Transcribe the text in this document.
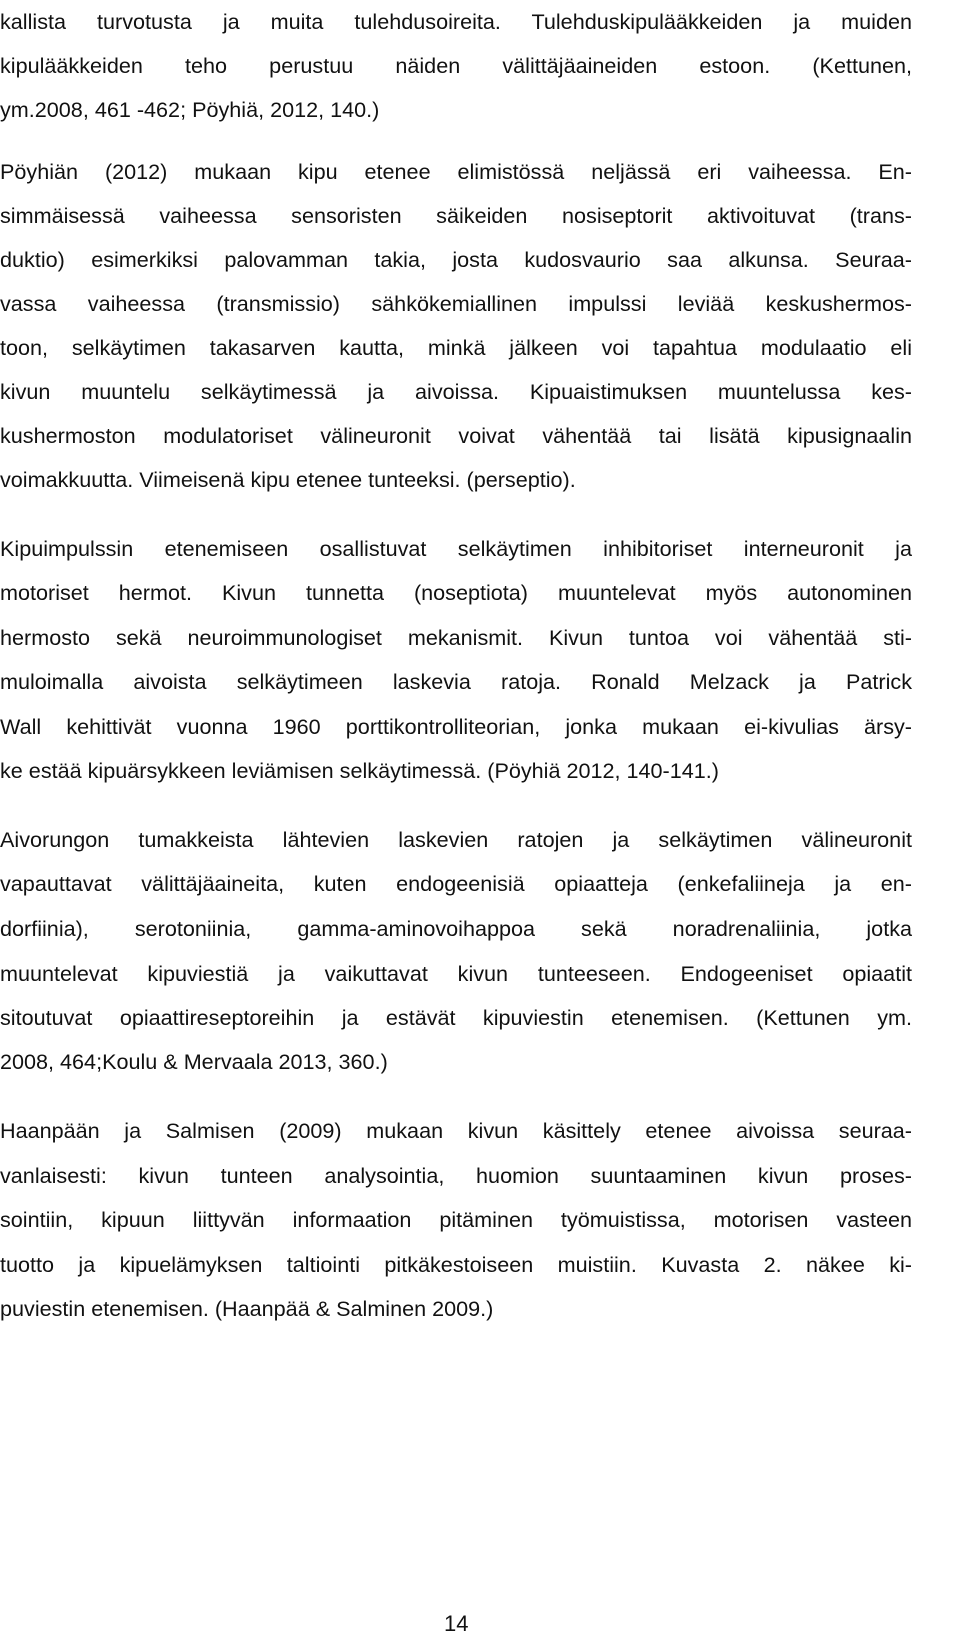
kallista turvotusta ja muita tulehdusoireita. Tulehduskipulääkkeiden ja muiden
kipulääkkeiden teho perustuu näiden välittäjäaineiden estoon. (Kettunen,
ym.2008, 461 -462; Pöyhiä, 2012, 140.)
Pöyhiän (2012) mukaan kipu etenee elimistössä neljässä eri vaiheessa. En-
simmäisessä vaiheessa sensoristen säikeiden nosiseptorit aktivoituvat (trans-
duktio) esimerkiksi palovamman takia, josta kudosvaurio saa alkunsa. Seuraa-
vassa vaiheessa (transmissio) sähkökemiallinen impulssi leviää keskushermos-
toon, selkäytimen takasarven kautta, minkä jälkeen voi tapahtua modulaatio eli
kivun muuntelu selkäytimessä ja aivoissa. Kipuaistimuksen muuntelussa kes-
kushermoston modulatoriset välineuronit voivat vähentää tai lisätä kipusignaalin
voimakkuutta. Viimeisenä kipu etenee tunteeksi. (perseptio).
Kipuimpulssin etenemiseen osallistuvat selkäytimen inhibitoriset interneuronit ja
motoriset hermot. Kivun tunnetta (noseptiota) muuntelevat myös autonominen
hermosto sekä neuroimmunologiset mekanismit. Kivun tuntoa voi vähentää sti-
muloimalla aivoista selkäytimeen laskevia ratoja. Ronald Melzack ja Patrick
Wall kehittivät vuonna 1960 porttikontrolliteorian, jonka mukaan ei-kivulias ärsy-
ke estää kipuärsykkeen leviämisen selkäytimessä. (Pöyhiä 2012, 140-141.)
Aivorungon tumakkeista lähtevien laskevien ratojen ja selkäytimen välineuronit
vapauttavat välittäjäaineita, kuten endogeenisiä opiaatteja (enkefaliineja ja en-
dorfiinia), serotoniinia, gamma-aminovoihappoa sekä noradrenaliinia, jotka
muuntelevat kipuviestiä ja vaikuttavat kivun tunteeseen. Endogeeniset opiaatit
sitoutuvat opiaattireseptoreihin ja estävät kipuviestin etenemisen. (Kettunen ym.
2008, 464;Koulu & Mervaala 2013, 360.)
Haanpään ja Salmisen (2009) mukaan kivun käsittely etenee aivoissa seuraa-
vanlaisesti: kivun tunteen analysointia, huomion suuntaaminen kivun proses-
sointiin, kipuun liittyvän informaation pitäminen työmuistissa, motorisen vasteen
tuotto ja kipuelämyksen taltiointi pitkäkestoiseen muistiin. Kuvasta 2. näkee ki-
puviestin etenemisen. (Haanpää & Salminen 2009.)
14
